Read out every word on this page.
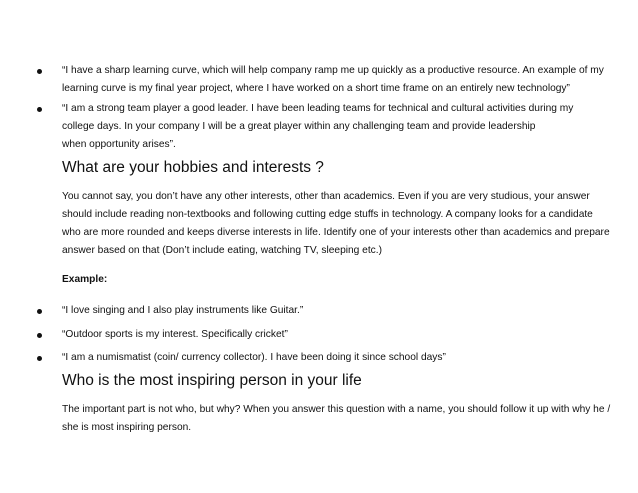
“I have a sharp learning curve, which will help company ramp me up quickly as a productive resource. An example of my
learning curve is my final year project, where I have worked on a short time frame on an entirely new technology”
“I am a strong team player a good leader. I have been leading teams for technical and cultural activities during my
college days. In your company I will be a great player within any challenging team and provide leadership
when opportunity arises”.
What are your hobbies and interests ?
You cannot say, you don’t have any other interests, other than academics. Even if you are very studious, your answer
should include reading non-textbooks and following cutting edge stuffs in technology. A company looks for a candidate
who are more rounded and keeps diverse interests in life. Identify one of your interests other than academics and prepare
answer based on that (Don’t include eating, watching TV, sleeping etc.)
Example:
“I love singing and I also play instruments like Guitar.”
“Outdoor sports is my interest. Specifically cricket”
“I am a numismatist (coin/ currency collector). I have been doing it since school days”
Who is the most inspiring person in your life
The important part is not who, but why? When you answer this question with a name, you should follow it up with why he /
she is most inspiring person.
